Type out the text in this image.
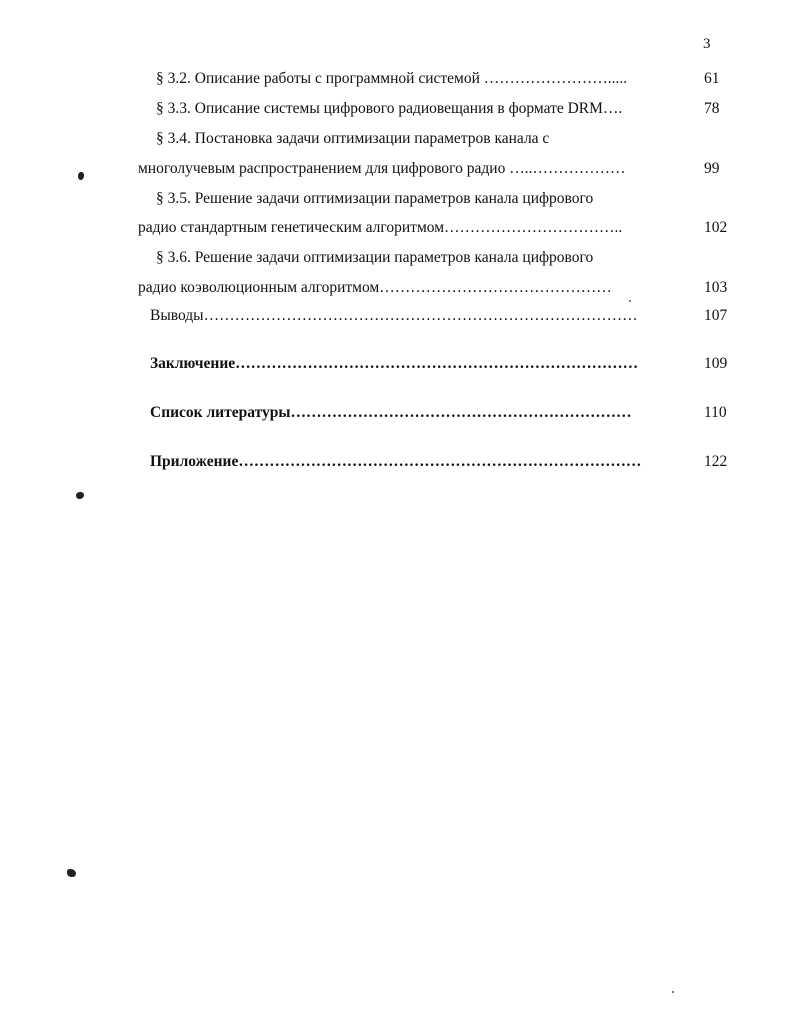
3
§ 3.2. Описание работы с программной системой …………………….....	61
§ 3.3. Описание системы цифрового радиовещания в формате DRM….	78
§ 3.4. Постановка задачи оптимизации параметров канала с
многолучевым распространением для цифрового радио …..………………	99
§ 3.5. Решение задачи оптимизации параметров канала цифрового
радио стандартным генетическим алгоритмом……………………………..	102
§ 3.6. Решение задачи оптимизации параметров канала цифрового
радио коэволюционным алгоритмом………………………………………	103
Выводы…………………………………………………………………………	107
Заключение……………………………………………………………………	109
Список литературы…………………………………………………………	110
Приложение……………………………………………………………………	122
